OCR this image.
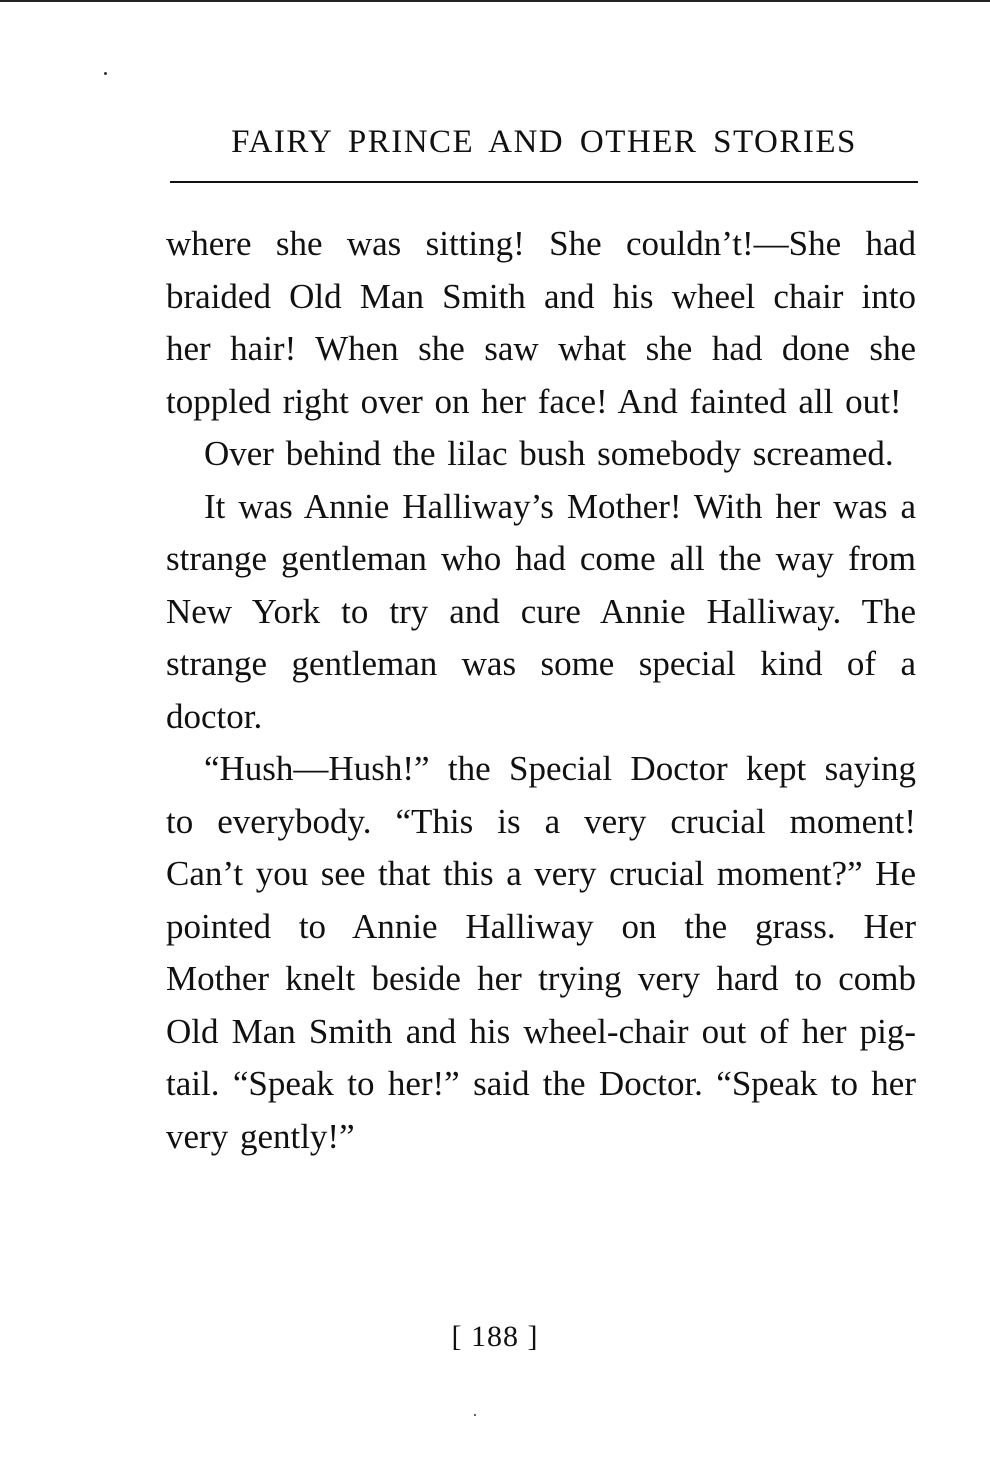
FAIRY PRINCE AND OTHER STORIES

where she was sitting! She couldn’t!—She had braided Old Man Smith and his wheel chair into her hair! When she saw what she had done she toppled right over on her face! And fainted all out!

Over behind the lilac bush somebody screamed.

It was Annie Halliway’s Mother! With her was a strange gentleman who had come all the way from New York to try and cure Annie Halliway. The strange gentleman was some special kind of a doctor.

“Hush—Hush!” the Special Doctor kept saying to everybody. “This is a very crucial moment! Can’t you see that this a very crucial moment?” He pointed to Annie Halliway on the grass. Her Mother knelt beside her trying very hard to comb Old Man Smith and his wheel-chair out of her pig-tail. “Speak to her!” said the Doctor. “Speak to her very gently!”

[ 188 ]
